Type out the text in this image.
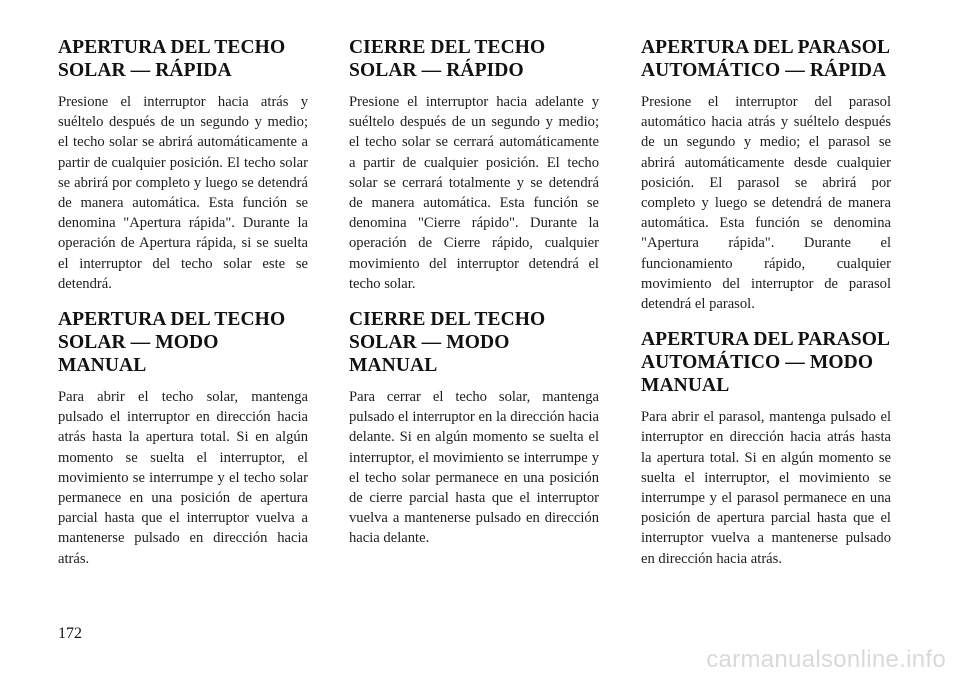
APERTURA DEL TECHO
SOLAR — RÁPIDA

Presione el interruptor hacia atrás y suéltelo después de un segundo y medio; el techo solar se abrirá automáticamente a partir de cualquier posición. El techo solar se abrirá por completo y luego se detendrá de manera automática. Esta función se denomina "Apertura rápida". Durante la operación de Apertura rápida, si se suelta el interruptor del techo solar este se detendrá.

APERTURA DEL TECHO
SOLAR — MODO MANUAL

Para abrir el techo solar, mantenga pulsado el interruptor en dirección hacia atrás hasta la apertura total. Si en algún momento se suelta el interruptor, el movimiento se interrumpe y el techo solar permanece en una posición de apertura parcial hasta que el interruptor vuelva a mantenerse pulsado en dirección hacia atrás.

CIERRE DEL TECHO
SOLAR — RÁPIDO

Presione el interruptor hacia adelante y suéltelo después de un segundo y medio; el techo solar se cerrará automáticamente a partir de cualquier posición. El techo solar se cerrará totalmente y se detendrá de manera automática. Esta función se denomina "Cierre rápido". Durante la operación de Cierre rápido, cualquier movimiento del interruptor detendrá el techo solar.

CIERRE DEL TECHO
SOLAR — MODO MANUAL

Para cerrar el techo solar, mantenga pulsado el interruptor en la dirección hacia delante. Si en algún momento se suelta el interruptor, el movimiento se interrumpe y el techo solar permanece en una posición de cierre parcial hasta que el interruptor vuelva a mantenerse pulsado en dirección hacia delante.

APERTURA DEL PARASOL
AUTOMÁTICO — RÁPIDA

Presione el interruptor del parasol automático hacia atrás y suéltelo después de un segundo y medio; el parasol se abrirá automáticamente desde cualquier posición. El parasol se abrirá por completo y luego se detendrá de manera automática. Esta función se denomina "Apertura rápida". Durante el funcionamiento rápido, cualquier movimiento del interruptor de parasol detendrá el parasol.

APERTURA DEL PARASOL
AUTOMÁTICO — MODO
MANUAL

Para abrir el parasol, mantenga pulsado el interruptor en dirección hacia atrás hasta la apertura total. Si en algún momento se suelta el interruptor, el movimiento se interrumpe y el parasol permanece en una posición de apertura parcial hasta que el interruptor vuelva a mantenerse pulsado en dirección hacia atrás.

172
carmanualsonline.info
